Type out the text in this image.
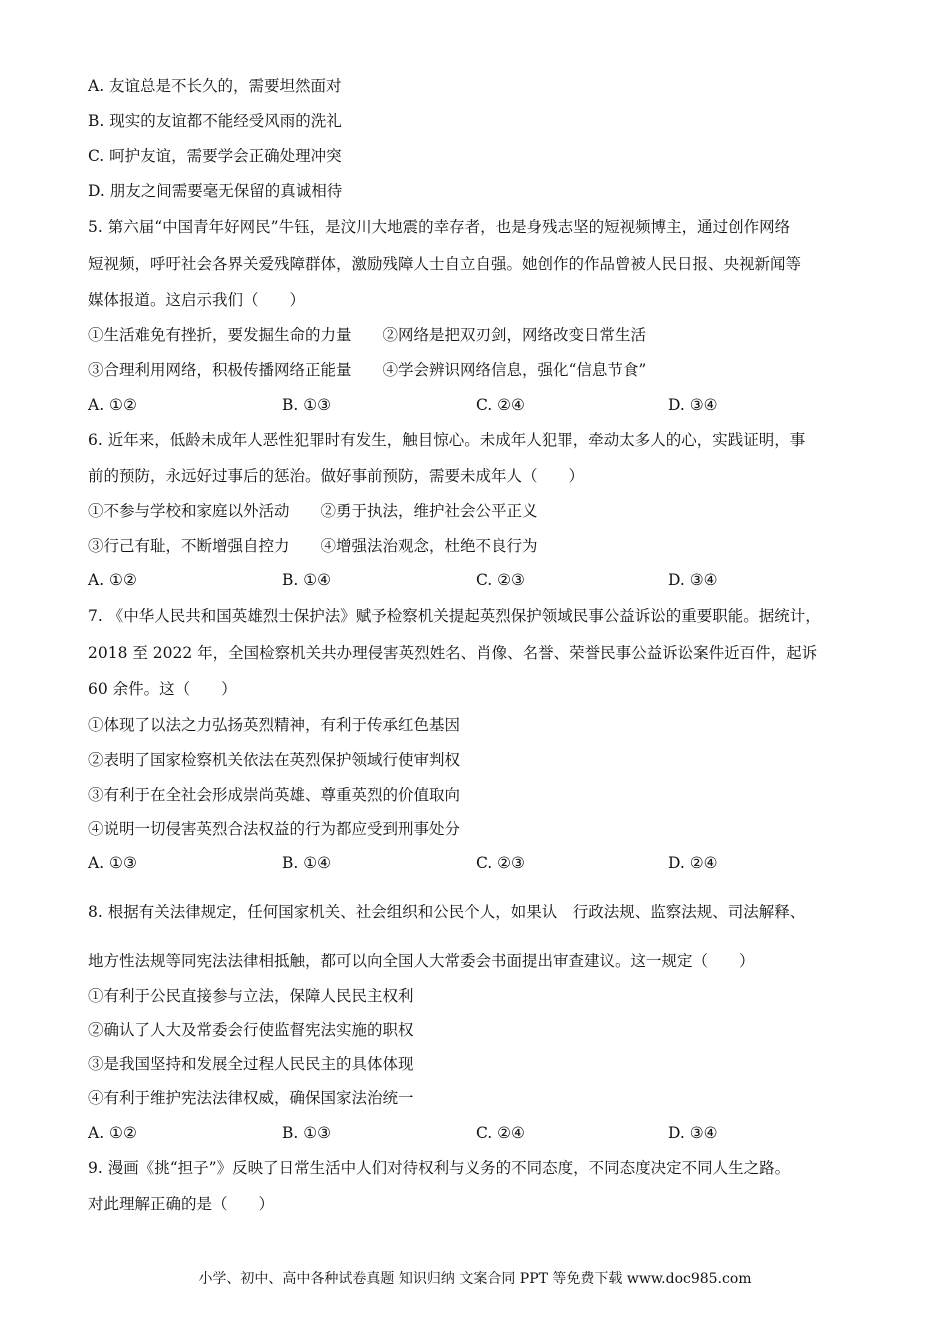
A. 友谊总是不长久的，需要坦然面对
B. 现实的友谊都不能经受风雨的洗礼
C. 呵护友谊，需要学会正确处理冲突
D. 朋友之间需要毫无保留的真诚相待
5. 第六届“中国青年好网民”牛钰，是汶川大地震的幸存者，也是身残志坚的短视频博主，通过创作网络
短视频，呼吁社会各界关爱残障群体，激励残障人士自立自强。她创作的作品曾被人民日报、央视新闻等
媒体报道。这启示我们（　　）
①生活难免有挫折，要发掘生命的力量　　②网络是把双刃剑，网络改变日常生活
③合理利用网络，积极传播网络正能量　　④学会辨识网络信息，强化“信息节食”
A. ①②	B. ①③	C. ②④	D. ③④
6. 近年来，低龄未成年人恶性犯罪时有发生，触目惊心。未成年人犯罪，牵动太多人的心，实践证明，事
前的预防，永远好过事后的惩治。做好事前预防，需要未成年人（　　）
①不参与学校和家庭以外活动　　②勇于执法，维护社会公平正义
③行己有耻，不断增强自控力　　④增强法治观念，杜绝不良行为
A. ①②	B. ①④	C. ②③	D. ③④
7. 《中华人民共和国英雄烈士保护法》赋予检察机关提起英烈保护领域民事公益诉讼的重要职能。据统计，
2018 至 2022 年，全国检察机关共办理侵害英烈姓名、肖像、名誉、荣誉民事公益诉讼案件近百件，起诉
60 余件。这（　　）
①体现了以法之力弘扬英烈精神，有利于传承红色基因
②表明了国家检察机关依法在英烈保护领域行使审判权
③有利于在全社会形成崇尚英雄、尊重英烈的价值取向
④说明一切侵害英烈合法权益的行为都应受到刑事处分
A. ①③	B. ①④	C. ②③	D. ②④
8. 根据有关法律规定，任何国家机关、社会组织和公民个人，如果认　行政法规、监察法规、司法解释、
地方性法规等同宪法法律相抵触，都可以向全国人大常委会书面提出审查建议。这一规定（　　）
①有利于公民直接参与立法，保障人民民主权利
②确认了人大及常委会行使监督宪法实施的职权
③是我国坚持和发展全过程人民民主的具体体现
④有利于维护宪法法律权威，确保国家法治统一
A. ①②	B. ①③	C. ②④	D. ③④
9. 漫画《挑“担子”》反映了日常生活中人们对待权利与义务的不同态度，不同态度决定不同人生之路。
对此理解正确的是（　　）
小学、初中、高中各种试卷真题 知识归纳 文案合同 PPT 等免费下载 www.doc985.com
